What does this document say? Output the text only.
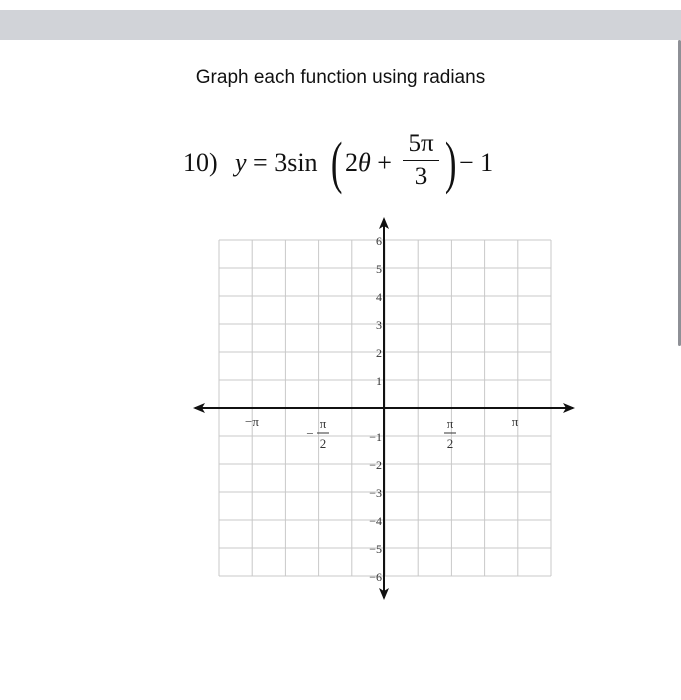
Graph each function using radians
10) y = 3sin ( 2θ +
5π
3 ) − 1
6
5
4
3
2
1
−1
−2
−3
−4
−5
−6
−π
−
π
2
π
2
π
